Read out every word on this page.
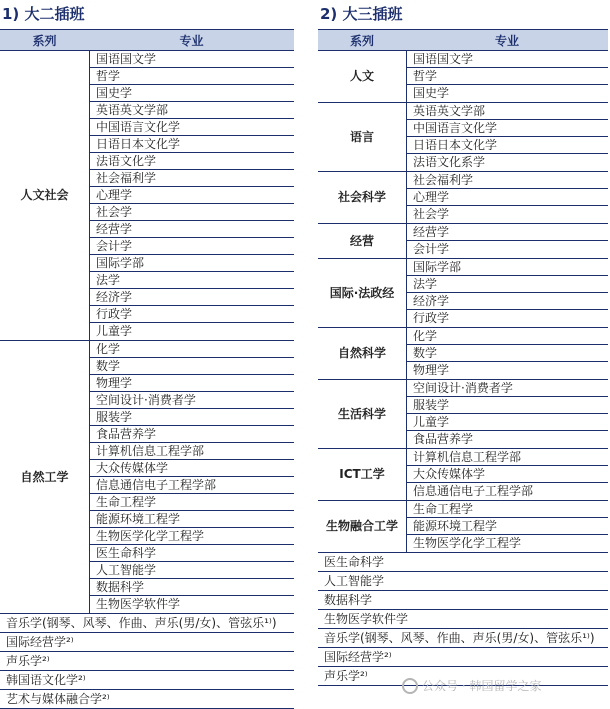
1) 大二插班
系列	专业
人文社会
国语国文学
哲学
国史学
英语英文学部
中国语言文化学
日语日本文化学
法语文化学
社会福利学
心理学
社会学
经营学
会计学
国际学部
法学
经济学
行政学
儿童学
自然工学
化学
数学
物理学
空间设计·消费者学
服装学
食品营养学
计算机信息工程学部
大众传媒体学
信息通信电子工程学部
生命工程学
能源环境工程学
生物医学化学工程学
医生命科学
人工智能学
数据科学
生物医学软件学
音乐学(钢琴、风琴、作曲、声乐(男/女)、管弦乐¹⁾)
国际经营学²⁾
声乐学²⁾
韩国语文化学²⁾
艺术与媒体融合学²⁾
2) 大三插班
系列	专业
人文
国语国文学
哲学
国史学
语言
英语英文学部
中国语言文化学
日语日本文化学
法语文化系学
社会科学
社会福利学
心理学
社会学
经营
经营学
会计学
国际·法政经
国际学部
法学
经济学
行政学
自然科学
化学
数学
物理学
生活科学
空间设计·消费者学
服装学
儿童学
食品营养学
ICT工学
计算机信息工程学部
大众传媒体学
信息通信电子工程学部
生物融合工学
生命工程学
能源环境工程学
生物医学化学工程学
医生命科学
人工智能学
数据科学
生物医学软件学
音乐学(钢琴、风琴、作曲、声乐(男/女)、管弦乐¹⁾)
国际经营学²⁾
声乐学²⁾
公众号 · 韩国留学之家
